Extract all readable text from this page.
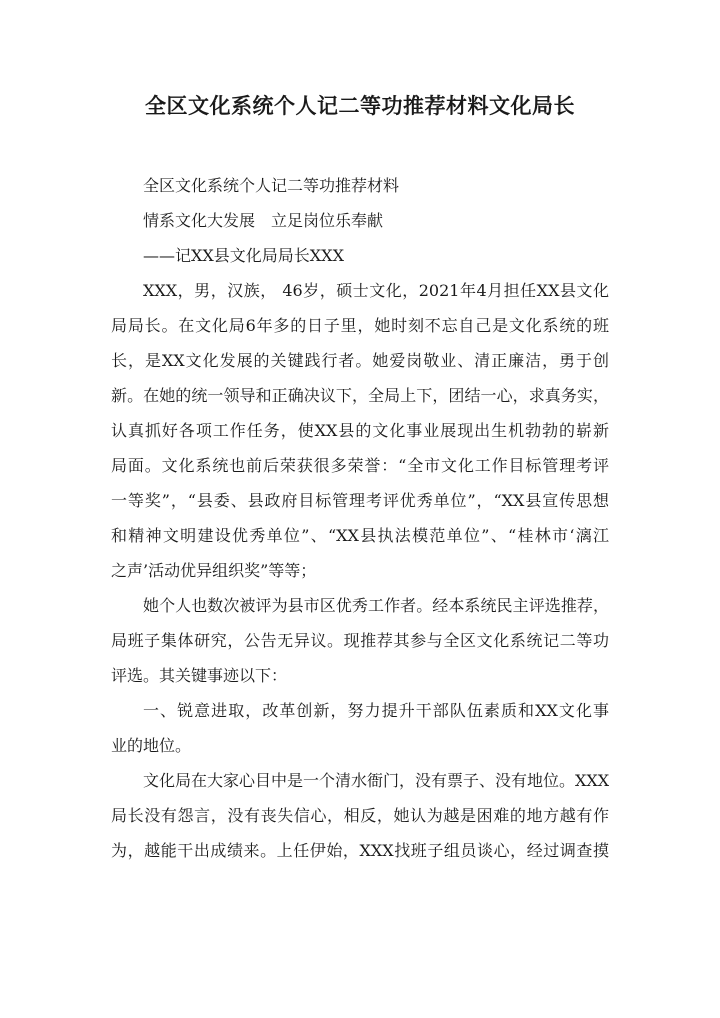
全区文化系统个人记二等功推荐材料文化局长
全区文化系统个人记二等功推荐材料
情系文化大发展　立足岗位乐奉献
——记XX县文化局局长XXX
XXX，男，汉族， 46岁，硕士文化，2021年4月担任XX县文化
局局长。在文化局6年多的日子里，她时刻不忘自己是文化系统的班
长，是XX文化发展的关键践行者。她爱岗敬业、清正廉洁，勇于创
新。在她的统一领导和正确决议下，全局上下，团结一心，求真务实，
认真抓好各项工作任务，使XX县的文化事业展现出生机勃勃的崭新
局面。文化系统也前后荣获很多荣誉：“全市文化工作目标管理考评
一等奖”，“县委、县政府目标管理考评优秀单位”，“XX县宣传思想
和精神文明建设优秀单位”、“XX县执法模范单位”、“桂林市‘漓江
之声’活动优异组织奖”等等；
她个人也数次被评为县市区优秀工作者。经本系统民主评选推荐，
局班子集体研究，公告无异议。现推荐其参与全区文化系统记二等功
评选。其关键事迹以下：
一、锐意进取，改革创新，努力提升干部队伍素质和XX文化事
业的地位。
文化局在大家心目中是一个清水衙门，没有票子、没有地位。XXX
局长没有怨言，没有丧失信心，相反，她认为越是困难的地方越有作
为，越能干出成绩来。上任伊始，XXX找班子组员谈心，经过调查摸
